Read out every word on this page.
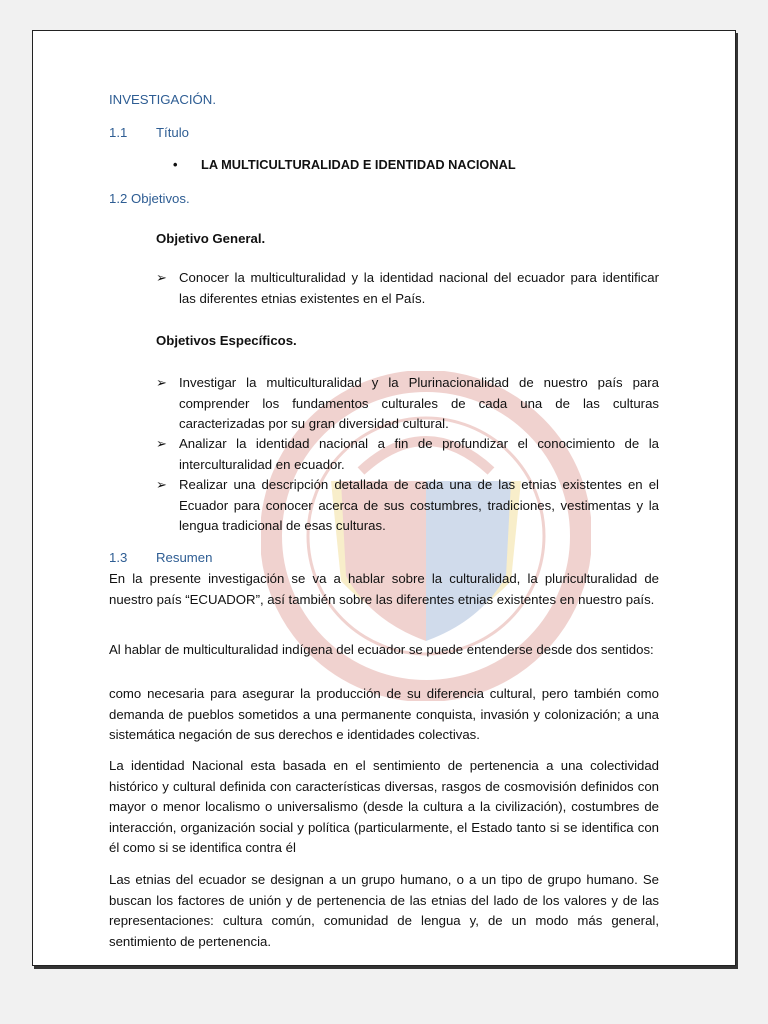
INVESTIGACIÓN.
1.1 Título
• LA MULTICULTURALIDAD E IDENTIDAD NACIONAL
1.2 Objetivos.
Objetivo General.
➢ Conocer la multiculturalidad y la identidad nacional del ecuador para identificar las diferentes etnias existentes en el País.
Objetivos Específicos.
➢ Investigar la multiculturalidad y la Plurinacionalidad de nuestro país para comprender los fundamentos culturales de cada una de las culturas caracterizadas por su gran diversidad cultural.
➢ Analizar la identidad nacional a fin de profundizar el conocimiento de la interculturalidad en ecuador.
➢ Realizar una descripción detallada de cada una de las etnias existentes en el Ecuador para conocer acerca de sus costumbres, tradiciones, vestimentas y la lengua tradicional de esas culturas.
1.3 Resumen

En la presente investigación se va a hablar sobre la culturalidad, la pluriculturalidad de nuestro país “ECUADOR”, así también sobre las diferentes etnias existentes en nuestro país.

Al hablar de multiculturalidad indígena del ecuador se puede entenderse desde dos sentidos:

como necesaria para asegurar la producción de su diferencia cultural, pero también como demanda de pueblos sometidos a una permanente conquista, invasión y colonización; a una sistemática negación de sus derechos e identidades colectivas.

La identidad Nacional esta basada en el sentimiento de pertenencia a una colectividad histórico y cultural definida con características diversas, rasgos de cosmovisión definidos con mayor o menor localismo o universalismo (desde la cultura a la civilización), costumbres de interacción, organización social y política (particularmente, el Estado tanto si se identifica con él como si se identifica contra él

Las etnias del ecuador se designan a un grupo humano, o a un tipo de grupo humano. Se buscan los factores de unión y de pertenencia de las etnias del lado de los valores y de las representaciones: cultura común, comunidad de lengua y, de un modo más general, sentimiento de pertenencia.
